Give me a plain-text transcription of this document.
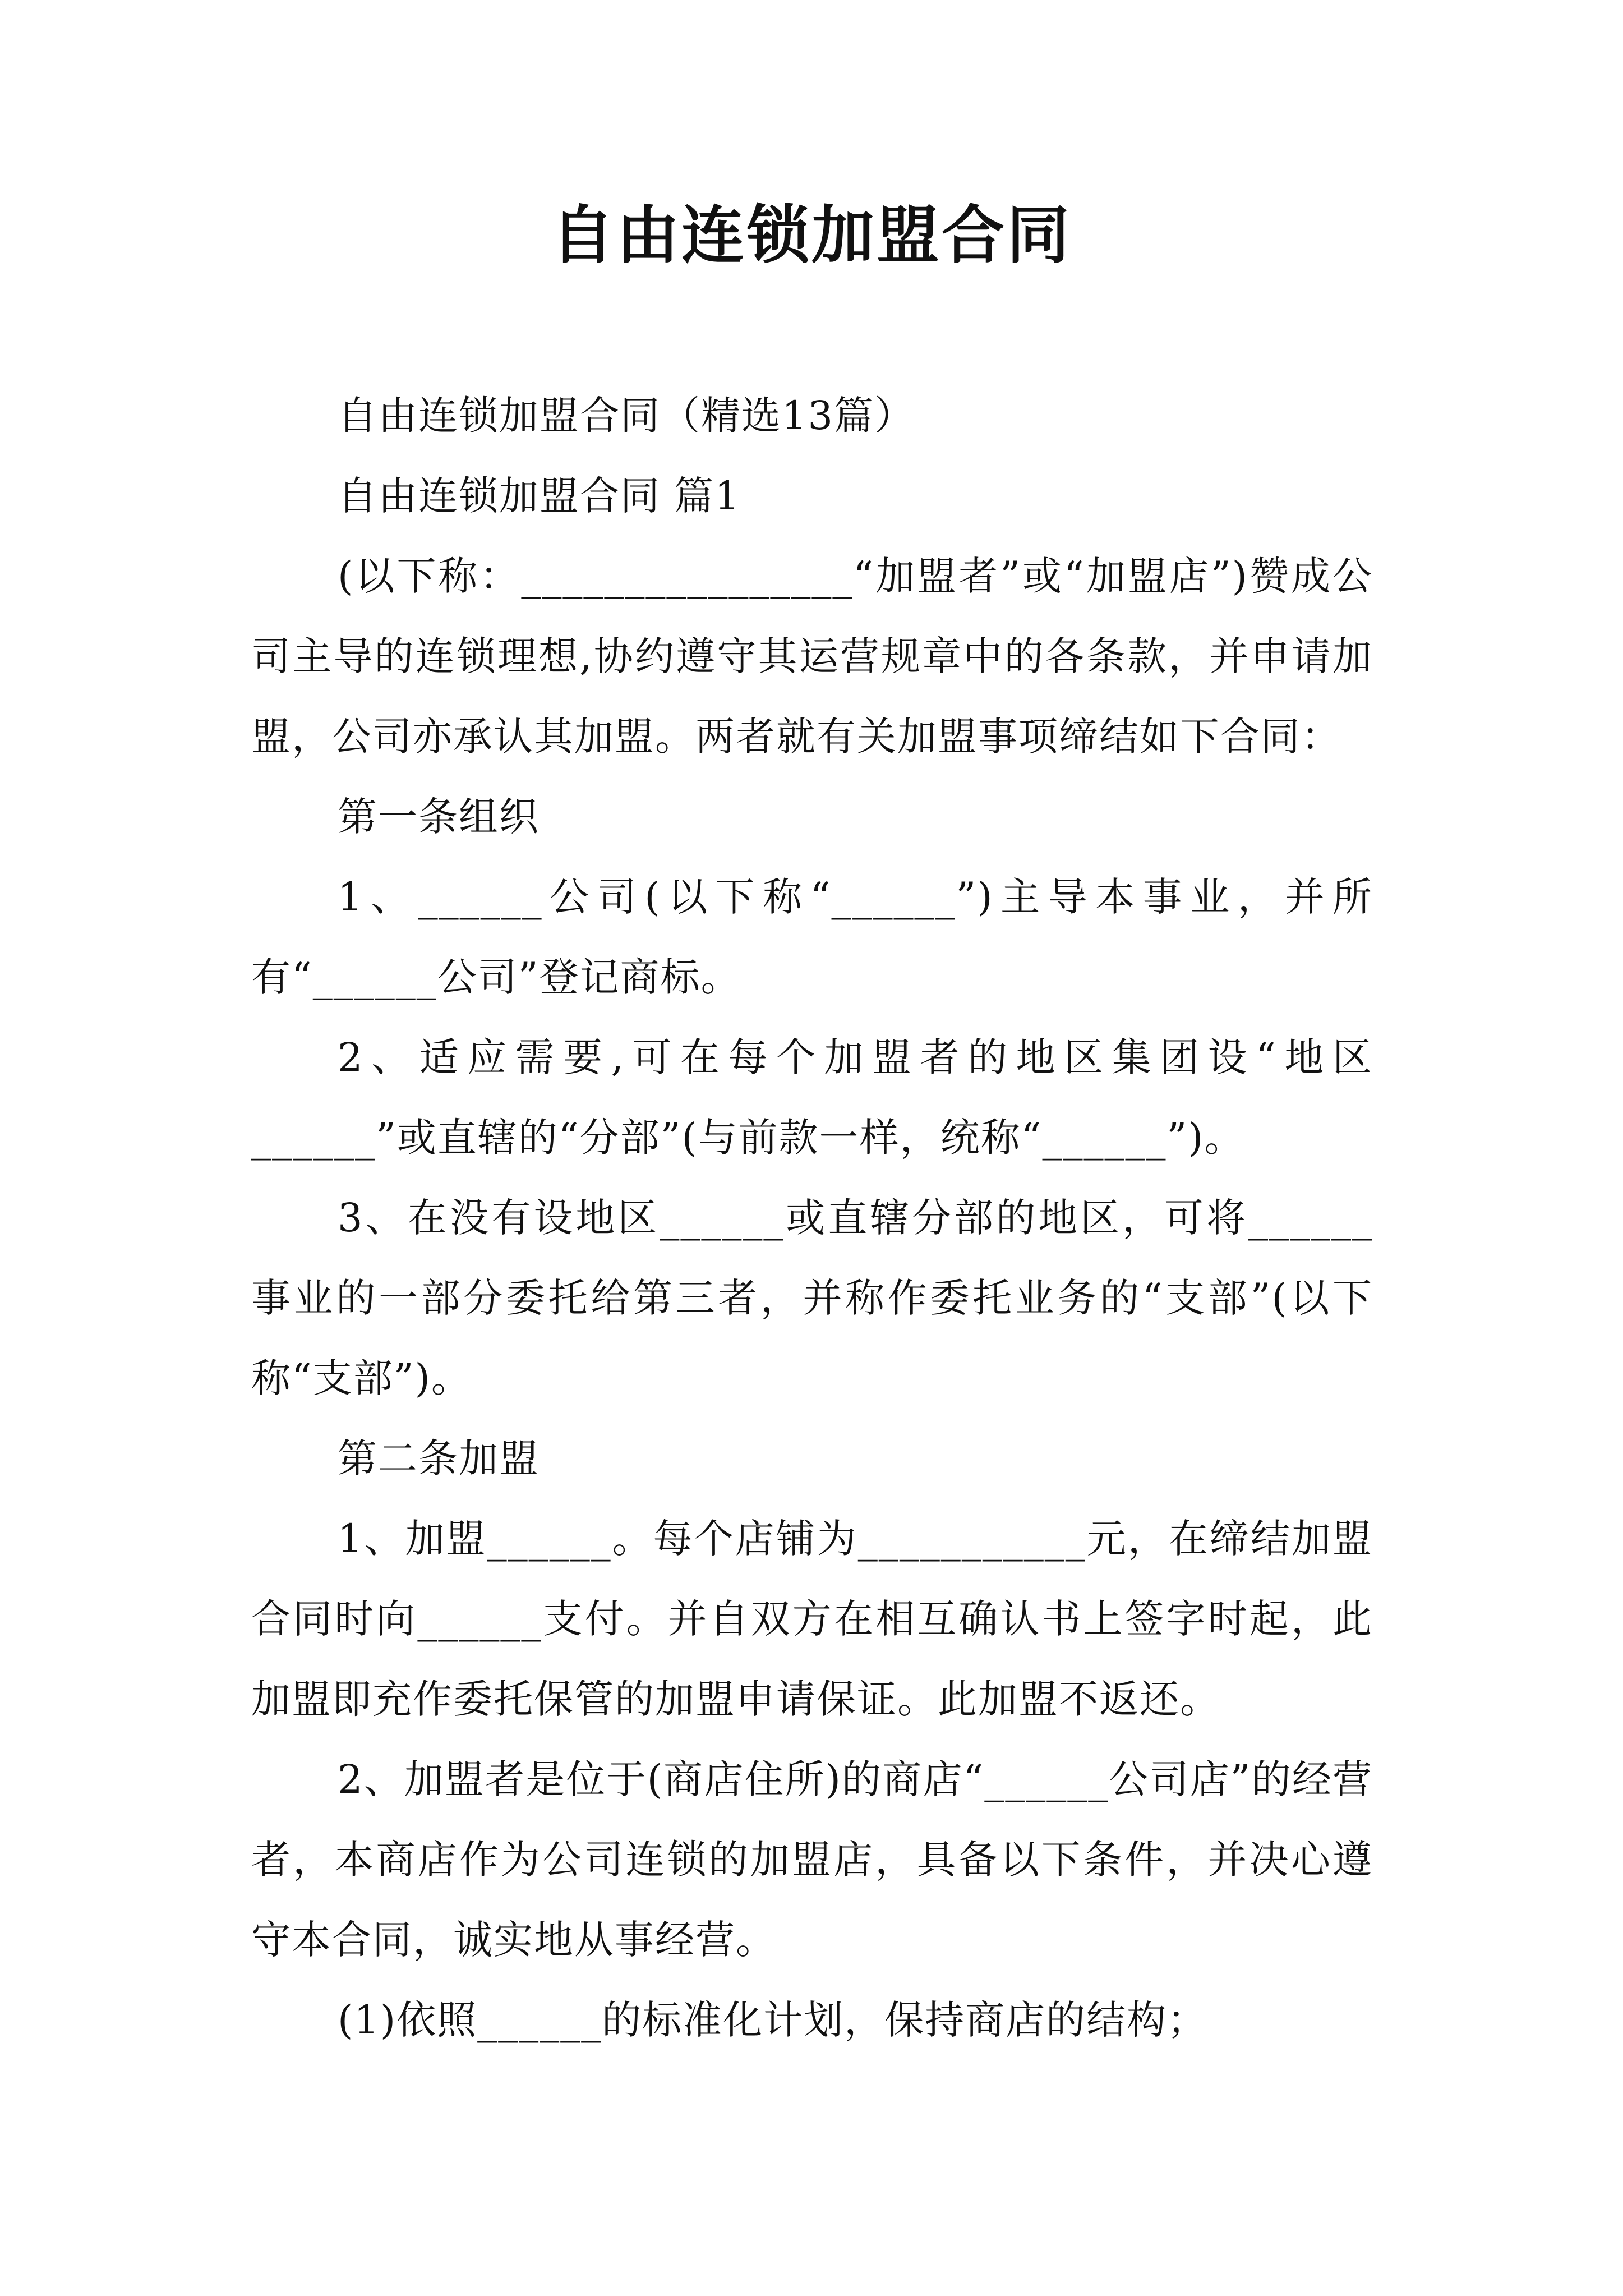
自由连锁加盟合同

自由连锁加盟合同（精选13篇）

自由连锁加盟合同 篇1

(以下称：________________“加盟者”或“加盟店”)赞成公司主导的连锁理想,协约遵守其运营规章中的各条款，并申请加盟，公司亦承认其加盟。两者就有关加盟事项缔结如下合同：

第一条组织

1、______公司(以下称“______”)主导本事业，并所有“______公司”登记商标。

2、适应需要,可在每个加盟者的地区集团设“地区______”或直辖的“分部”(与前款一样，统称“______”)。

3、在没有设地区______或直辖分部的地区，可将______事业的一部分委托给第三者，并称作委托业务的“支部”(以下称“支部”)。

第二条加盟

1、加盟______。每个店铺为___________元，在缔结加盟合同时向______支付。并自双方在相互确认书上签字时起，此加盟即充作委托保管的加盟申请保证。此加盟不返还。

2、加盟者是位于(商店住所)的商店“______公司店”的经营者，本商店作为公司连锁的加盟店，具备以下条件，并决心遵守本合同，诚实地从事经营。

(1)依照______的标准化计划，保持商店的结构；
